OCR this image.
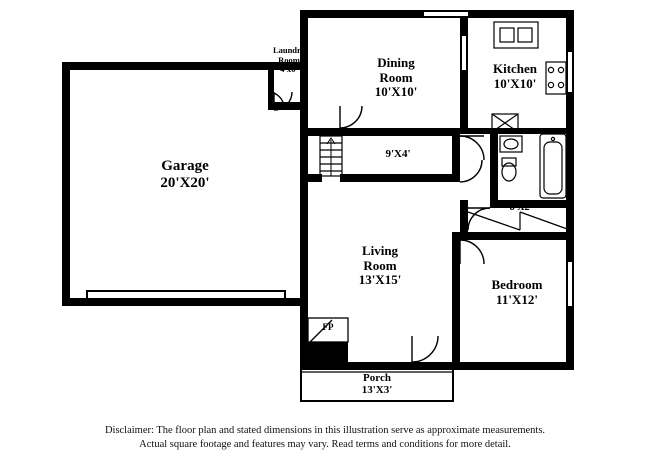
Garage
20'X20'
Laundry
Room
4'x6'	Dining
Room
10'X10'
Kitchen
10'X10'
9'X4'
Living
Room
13'X15'	Bedroom
11'X12'
8'X2'
Porch
13'X3'
FP
Disclaimer: The floor plan and stated dimensions in this illustration serve as approximate measurements.
Actual square footage and features may vary. Read terms and conditions for more detail.
